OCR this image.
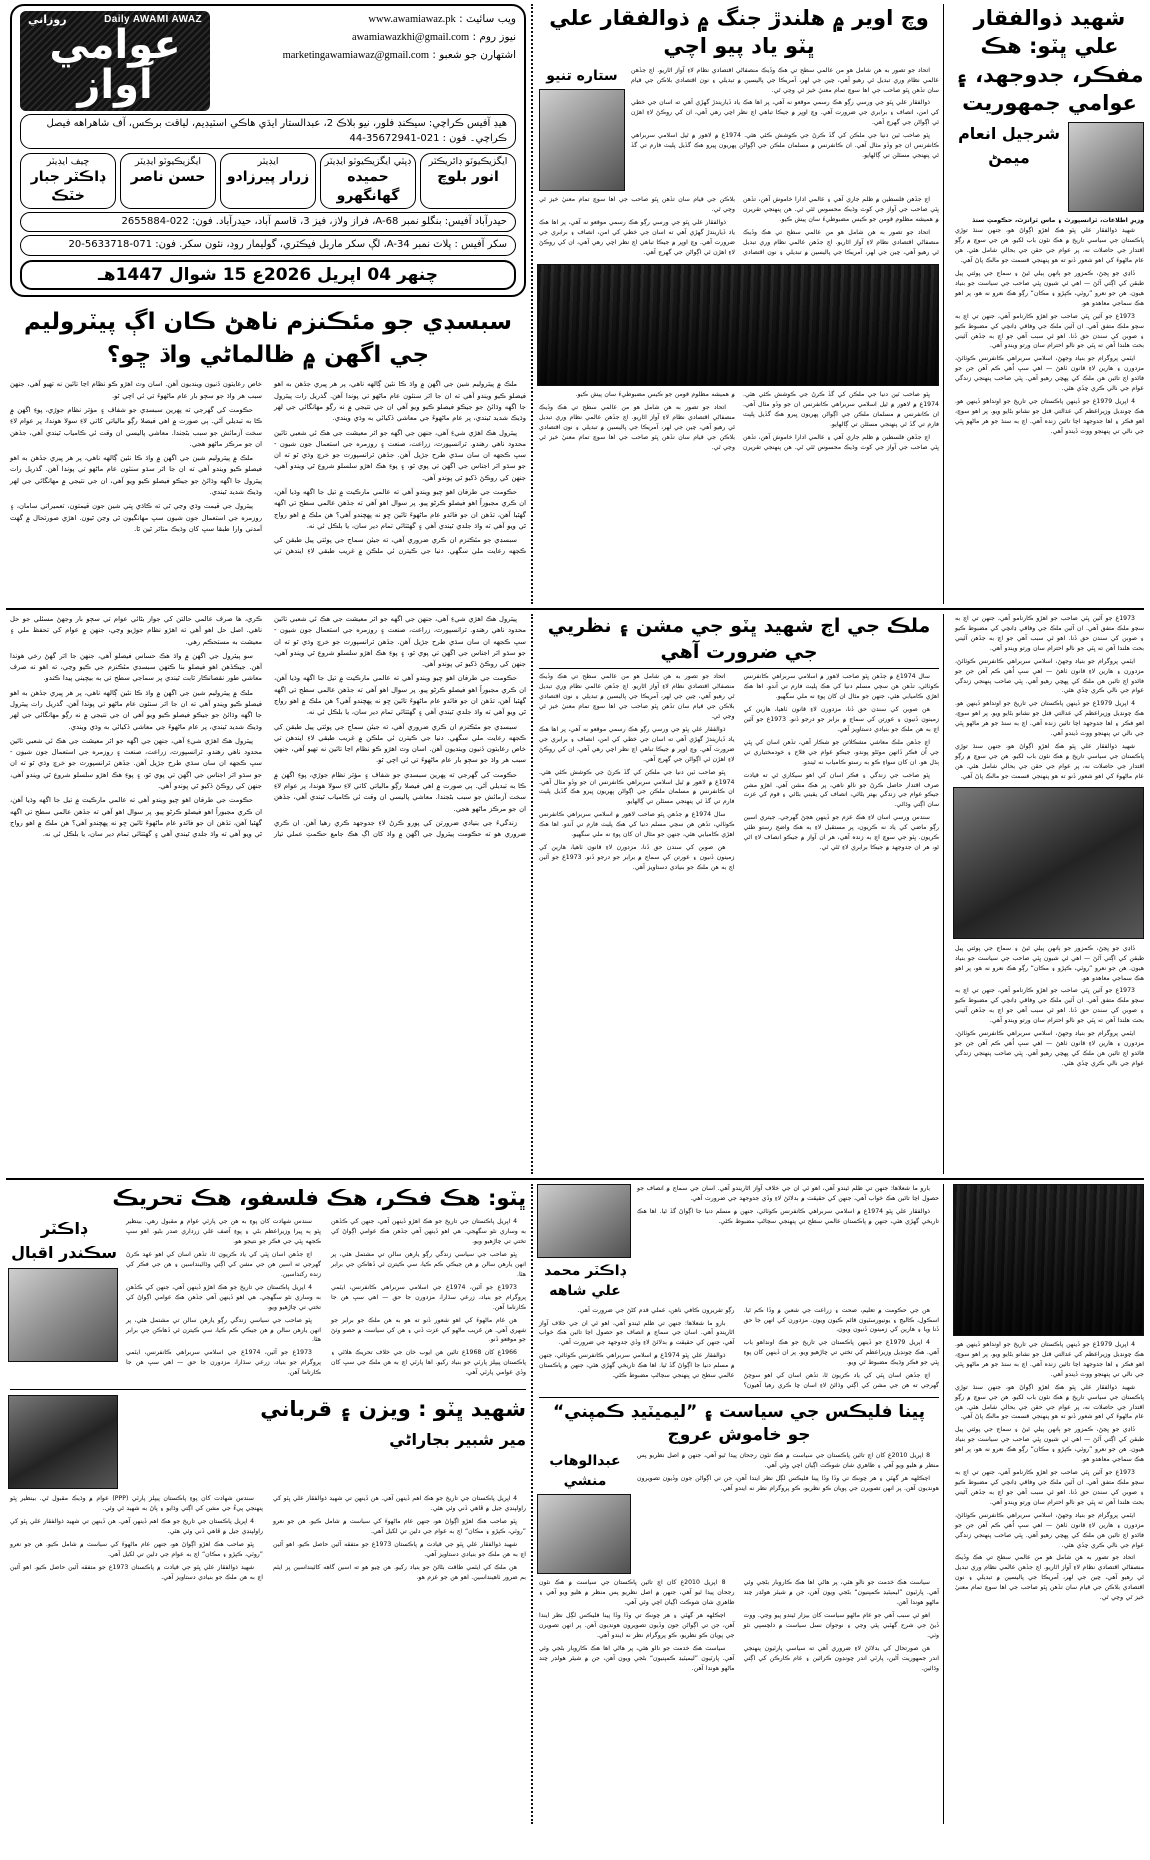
شهيد ذوالفقار علي ڀٽو: هڪ مفڪر، جدوجهد، ۽ عوامي جمهوريت
شرجيل انعام ميمڻ
وزيرِ اطلاعات، ٽرانسپورٽ ۽ ماس ٽرانزٽ، حڪومتِ سنڌ

شهيد ذوالفقار علي ڀٽو هڪ اهڙو اڳواڻ هو، جنهن سنڌ توڙي پاڪستان جي سياسي تاريخ ۾ هڪ نئون باب لکيو. هن جي سوچ ۾ رڳو اقتدار جي حاصلات نه، پر عوام جي حقن جي بحالي شامل هئي. هن عام ماڻهوءَ کي اهو شعور ڏنو ته هو پنهنجي قسمت جو مالڪ پاڻ آهي.

ڏاڍي جو ڀڃڻ، ڪمزور جو ٻانهن ٻيلي ٿيڻ ۽ سماج جي پوئتي پيل طبقن کي اڳتي آڻڻ — اهي ئي شيون ڀٽي صاحب جي سياست جو بنياد هيون. هن جو نعرو ”روٽي، ڪپڙو ۽ مڪان“ رڳو هڪ نعرو نه هو، پر اهو هڪ سماجي معاهدو هو.

1973ع جو آئين ڀٽي صاحب جو اهڙو ڪارنامو آهي، جنهن تي اڄ به سڄو ملڪ متفق آهي. ان آئين ملڪ جي وفاقي ڍانچي کي مضبوط ڪيو ۽ صوبن کي سندن حق ڏنا. اهو ئي سبب آهي جو اڄ به جڏهن آئيني بحث هلندا آهن ته ڀٽي جو نالو احترام سان ورتو ويندو آهي.

ايٽمي پروگرام جو بنياد وجهڻ، اسلامي سربراهي ڪانفرنس ڪوٺائڻ، مزدورن ۽ هارين لاءِ قانون ٺاهڻ — اهي سڀ اُهي ڪم آهن جن جو فائدو اڄ تائين هن ملڪ کي پهچي رهيو آهي. ڀٽي صاحب پنهنجي زندگي عوام جي نالي ڪري ڇڏي هئي.

4 اپريل 1979ع جو ڏينهن پاڪستان جي تاريخ جو اونداهو ڏينهن هو. هڪ چونڊيل وزيراعظم کي عدالتي قتل جو نشانو بڻايو ويو. پر اهو سوچ، اهو فڪر ۽ اها جدوجهد اڃا تائين زنده آهي. اڄ به سنڌ جو هر ماڻهو ڀٽي جي نالي تي پنهنجو ووٽ ڏيندو آهي.

وچ اوير ۾ هلندڙ جنگ ۾ ذوالفقار علي ڀٽو ياد پيو اچي

اتحاد جو تصور به هن شامل هو من عالمي سطح تي هڪ وڏيڪ منصفاڻي اقتصادي نظام لاءِ آواز اٿاريو. اڄ جڏهن عالمي نظام وري تبديل ٿي رهيو آهي، چين جي لهر، آمريڪا جي پاليسين ۾ تبديلي ۽ نون اقتصادي بلاڪن جي قيام سان تڏهن ڀٽو صاحب جي اها سوچ تمام معنيٰ خيز ٿي وڃي ٿي.

ذوالفقار علي ڀٽو جي ورسي رڳو هڪ رسمي موقعو نه آهي، پر اها هڪ ياد ڏياريندڙ گهڙي آهي ته اسان جي خطي کي امن، انصاف ۽ برابري جي ضرورت آهي. وچ اوڀر ۾ جيڪا تباهي اڄ نظر اچي رهي آهي، ان کي روڪڻ لاءِ اهڙن ئي اڳواڻن جي گهرج آهي.

ڀٽو صاحب ٽين دنيا جي ملڪن کي گڏ ڪرڻ جي ڪوشش ڪئي هئي. 1974ع ۾ لاهور ۾ ٿيل اسلامي سربراهي ڪانفرنس ان جو وڏو مثال آهي. ان ڪانفرنس ۾ مسلمان ملڪن جي اڳواڻن پهريون ڀيرو هڪ گڏيل پليٽ فارم تي گڏ ٿي پنهنجي مسئلن تي ڳالهايو.

ستاره تنيو

اڄ جڏهن فلسطين ۾ ظلم جاري آهي ۽ عالمي ادارا خاموش آهن، تڏهن ڀٽي صاحب جي آواز جي کوٽ وڌيڪ محسوس ٿئي ٿي. هن پنهنجي تقريرن ۾ هميشه مظلوم قومن جو ڪيس مضبوطيءَ سان پيش ڪيو.

اتحاد جو تصور به هن شامل هو من عالمي سطح تي هڪ وڏيڪ منصفاڻي اقتصادي نظام لاءِ آواز اٿاريو. اڄ جڏهن عالمي نظام وري تبديل ٿي رهيو آهي، چين جي لهر، آمريڪا جي پاليسين ۾ تبديلي ۽ نون اقتصادي بلاڪن جي قيام سان تڏهن ڀٽو صاحب جي اها سوچ تمام معنيٰ خيز ٿي وڃي ٿي.

ذوالفقار علي ڀٽو جي ورسي رڳو هڪ رسمي موقعو نه آهي، پر اها هڪ ياد ڏياريندڙ گهڙي آهي ته اسان جي خطي کي امن، انصاف ۽ برابري جي ضرورت آهي. وچ اوڀر ۾ جيڪا تباهي اڄ نظر اچي رهي آهي، ان کي روڪڻ لاءِ اهڙن ئي اڳواڻن جي گهرج آهي.

ڀٽو صاحب ٽين دنيا جي ملڪن کي گڏ ڪرڻ جي ڪوشش ڪئي هئي. 1974ع ۾ لاهور ۾ ٿيل اسلامي سربراهي ڪانفرنس ان جو وڏو مثال آهي. ان ڪانفرنس ۾ مسلمان ملڪن جي اڳواڻن پهريون ڀيرو هڪ گڏيل پليٽ فارم تي گڏ ٿي پنهنجي مسئلن تي ڳالهايو.

اڄ جڏهن فلسطين ۾ ظلم جاري آهي ۽ عالمي ادارا خاموش آهن، تڏهن ڀٽي صاحب جي آواز جي کوٽ وڌيڪ محسوس ٿئي ٿي. هن پنهنجي تقريرن ۾ هميشه مظلوم قومن جو ڪيس مضبوطيءَ سان پيش ڪيو.

اتحاد جو تصور به هن شامل هو من عالمي سطح تي هڪ وڏيڪ منصفاڻي اقتصادي نظام لاءِ آواز اٿاريو. اڄ جڏهن عالمي نظام وري تبديل ٿي رهيو آهي، چين جي لهر، آمريڪا جي پاليسين ۾ تبديلي ۽ نون اقتصادي بلاڪن جي قيام سان تڏهن ڀٽو صاحب جي اها سوچ تمام معنيٰ خيز ٿي وڃي ٿي.

ويب سائيٽ : www.awamiawaz.pk
نيوز روم : awamiawazkhi@gmail.com
اشتهارن جو شعبو : marketingawamiawaz@gmail.com
Daily AWAMI AWAZ
روزاني
عوامي آواز
هيڊ آفيس ڪراچي: سيڪنڊ فلور، نيو بلاڪ 2، عبدالستار ايڌي هاڪي اسٽيڊيم، لياقت برڪس، آف شاهراهه فيصل ڪراچي۔ فون : 021-35672941-44
ايگزيڪيوٽو ڊائريڪٽر
انور بلوچ
ڊپٽي ايگزيڪيوٽو ايڊيٽر
حميده گهانگهرو
ايڊيٽر
زرار پيرزادو
ايگزيڪيوٽو ايڊيٽر
حسن ناصر
چيف ايڊيٽر
ڊاڪٽر جبار خٽڪ
حيدرآباد آفيس: بنگلو نمبر A-68، فراز ولاز، فيز 3، قاسم آباد، حيدرآباد. فون: 022-2655884
سکر آفيس : پلاٽ نمبر A-34، لڳ سکر ماربل فيڪٽري، گوليمار روڊ، نئون سکر. فون: 071-5633718-20
چنھر 04 اپريل 2026ع 15 شوال 1447هـ
سبسڊي جو مئڪنزم ناهڻ ڪان اڳ پيٽروليم جي اگهن ۾ ظالماڻي واڌ ڇو؟

ملڪ ۾ پيٽروليم شين جي اگهن ۾ واڌ ڪا نئين ڳالهه ناهي، پر هر ڀيري جڏهن به اهو فيصلو ڪيو ويندو آهي ته ان جا اثر سنئون عام ماڻهو تي پوندا آهن. گذريل رات پيٽرول جا اگهه وڌائڻ جو جيڪو فيصلو ڪيو ويو آهي ان جي نتيجي ۾ نه رڳو مهانگائي جي لهر وڌيڪ شديد ٿيندي، پر عام ماڻهوءَ جي معاشي ڏکيائي به وڌي ويندي.

پيٽرول هڪ اهڙي شيءِ آهي، جنهن جي اگهه جو اثر معيشت جي هڪ ئي شعبي تائين محدود ناهي رهندو. ٽرانسپورٽ، زراعت، صنعت ۽ روزمره جي استعمال جون شيون - سڀ ڪجهه ان سان سڌي طرح جڙيل آهن. جڏهن ٽرانسپورٽ جو خرچ وڌي ٿو ته ان جو سڌو اثر اجناس جي اگهن تي پوي ٿو، ۽ پوءِ هڪ اهڙو سلسلو شروع ٿي ويندو آهي، جنهن کي روڪڻ ڏکيو ٿي پوندو آهي.

حڪومت جي طرفان اهو چيو ويندو آهي ته عالمي مارڪيٽ ۾ تيل جا اگهه وڌيا آهن، ان ڪري مجبوراً اهو فيصلو ڪرڻو پيو. پر سوال اهو آهي ته جڏهن عالمي سطح تي اگهه گهٽبا آهن، تڏهن ان جو فائدو عام ماڻهوءَ تائين ڇو نه پهچندو آهي؟ هن ملڪ ۾ اهو رواج ٿي ويو آهي ته واڌ جلدي ٿيندي آهي ۽ گهٽتائي تمام دير سان، يا بلڪل ئي نه.

سبسڊي جو مئڪنزم ان ڪري ضروري آهي، ته جيئن سماج جي پوئتي پيل طبقن کي ڪجهه رعايت ملي سگهي. دنيا جي ڪيترن ئي ملڪن ۾ غريب طبقي لاءِ ايندھن تي خاص رعايتون ڏنيون وينديون آهن. اسان وٽ اهڙو ڪو نظام اڃا تائين نه ٺهيو آهي، جنهن سبب هر واڌ جو سڄو بار عام ماڻهوءَ تي ئي اچي ٿو.

حڪومت کي گهرجي ته پهرين سبسڊي جو شفاف ۽ مؤثر نظام جوڙي، پوءِ اگهن ۾ ڪا به تبديلي آڻي. ٻي صورت ۾ اهي فيصلا رڳو مالياتي کاتي لاءِ سولا هوندا، پر عوام لاءِ سخت آزمائش جو سبب بڻجندا. معاشي پاليسي ان وقت ئي ڪامياب ٿيندي آهي، جڏهن ان جو مرڪز ماڻهو هجي.

ملڪ ۾ پيٽروليم شين جي اگهن ۾ واڌ ڪا نئين ڳالهه ناهي، پر هر ڀيري جڏهن به اهو فيصلو ڪيو ويندو آهي ته ان جا اثر سڌو سنئون عام ماڻهو تي پوندا آهن. گذريل رات پيٽرول جا اگهه وڌائڻ جو جيڪو فيصلو ڪيو ويو آهي، ان جي نتيجي ۾ مهانگائي جي لهر وڌيڪ شديد ٿيندي.

پيٽرول جي قيمت وڌي وڃي ٿي ته ڪاڌي ڀتي شين جون قيمتون، تعميراتي سامان، ۽ روزمره جي استعمال جون شيون سڀ مهانگيون ٿي وڃن ٿيون. اهڙي صورتحال ۾ گهٽ آمدني وارا طبقا سڀ کان وڌيڪ متاثر ٿين ٿا.

1973ع جو آئين ڀٽي صاحب جو اهڙو ڪارنامو آهي، جنهن تي اڄ به سڄو ملڪ متفق آهي. ان آئين ملڪ جي وفاقي ڍانچي کي مضبوط ڪيو ۽ صوبن کي سندن حق ڏنا. اهو ئي سبب آهي جو اڄ به جڏهن آئيني بحث هلندا آهن ته ڀٽي جو نالو احترام سان ورتو ويندو آهي.

ايٽمي پروگرام جو بنياد وجهڻ، اسلامي سربراهي ڪانفرنس ڪوٺائڻ، مزدورن ۽ هارين لاءِ قانون ٺاهڻ — اهي سڀ اُهي ڪم آهن جن جو فائدو اڄ تائين هن ملڪ کي پهچي رهيو آهي. ڀٽي صاحب پنهنجي زندگي عوام جي نالي ڪري ڇڏي هئي.

4 اپريل 1979ع جو ڏينهن پاڪستان جي تاريخ جو اونداهو ڏينهن هو. هڪ چونڊيل وزيراعظم کي عدالتي قتل جو نشانو بڻايو ويو. پر اهو سوچ، اهو فڪر ۽ اها جدوجهد اڃا تائين زنده آهي. اڄ به سنڌ جو هر ماڻهو ڀٽي جي نالي تي پنهنجو ووٽ ڏيندو آهي.

شهيد ذوالفقار علي ڀٽو هڪ اهڙو اڳواڻ هو، جنهن سنڌ توڙي پاڪستان جي سياسي تاريخ ۾ هڪ نئون باب لکيو. هن جي سوچ ۾ رڳو اقتدار جي حاصلات نه، پر عوام جي حقن جي بحالي شامل هئي. هن عام ماڻهوءَ کي اهو شعور ڏنو ته هو پنهنجي قسمت جو مالڪ پاڻ آهي.

ڏاڍي جو ڀڃڻ، ڪمزور جو ٻانهن ٻيلي ٿيڻ ۽ سماج جي پوئتي پيل طبقن کي اڳتي آڻڻ — اهي ئي شيون ڀٽي صاحب جي سياست جو بنياد هيون. هن جو نعرو ”روٽي، ڪپڙو ۽ مڪان“ رڳو هڪ نعرو نه هو، پر اهو هڪ سماجي معاهدو هو.

1973ع جو آئين ڀٽي صاحب جو اهڙو ڪارنامو آهي، جنهن تي اڄ به سڄو ملڪ متفق آهي. ان آئين ملڪ جي وفاقي ڍانچي کي مضبوط ڪيو ۽ صوبن کي سندن حق ڏنا. اهو ئي سبب آهي جو اڄ به جڏهن آئيني بحث هلندا آهن ته ڀٽي جو نالو احترام سان ورتو ويندو آهي.

ايٽمي پروگرام جو بنياد وجهڻ، اسلامي سربراهي ڪانفرنس ڪوٺائڻ، مزدورن ۽ هارين لاءِ قانون ٺاهڻ — اهي سڀ اُهي ڪم آهن جن جو فائدو اڄ تائين هن ملڪ کي پهچي رهيو آهي. ڀٽي صاحب پنهنجي زندگي عوام جي نالي ڪري ڇڏي هئي.

ملڪ جي اڄ شهيد ڀٽو جي مشن ۽ نظريي جي ضرورت آهي

سال 1974ع ۾ جڏهن ڀٽو صاحب لاهور ۾ اسلامي سربراهي ڪانفرنس ڪوٺائي، تڏهن هن سڄي مسلم دنيا کي هڪ پليٽ فارم تي آندو. اها هڪ اهڙي ڪاميابي هئي، جنهن جو مثال ان کان پوءِ نه ملي سگهيو.

هن صوبن کي سندن حق ڏنا، مزدورن لاءِ قانون ٺاهيا، هارين کي زمينون ڏنيون ۽ عورتن کي سماج ۾ برابر جو درجو ڏنو. 1973ع جو آئين اڄ به هن ملڪ جو بنيادي دستاويز آهي.

اڄ جڏهن ملڪ معاشي مشڪلاتن جو شڪار آهي، تڏهن اسان کي ڀٽي جي اُن فڪر ڏانهن موٽڻو پوندو، جيڪو عوام جي فلاح ۽ خودمختياري تي ٻڌل هو. ان کان سواءِ ڪو به رستو ڪامياب نه ٿيندو.

ڀٽو صاحب جي زندگي ۽ فڪر اسان کي اهو سيکاري ٿي ته قيادت صرف اقتدار حاصل ڪرڻ جو نالو ناهي، پر هڪ مشن آهي. اهڙو مشن جيڪو عوام جي زندگي بهتر بڻائي، انصاف کي يقيني بڻائي ۽ قوم کي عزت سان اڳتي وڌائي.

سندس ورسي اسان لاءِ هڪ عزم جو ڏينهن هجڻ گهرجي. جيتري اسين رڳو ماضي کي ياد نه ڪريون، پر مستقبل لاءِ به هڪ واضح رستو طئي ڪريون. ڀٽو جي سوچ اڄ به زنده آهي، هر ان آواز ۾ جيڪو انصاف لاءِ اٿي ٿو، هر ان جدوجهد ۾ جيڪا برابري لاءِ ٿئي ٿي.

اتحاد جو تصور به هن شامل هو من عالمي سطح تي هڪ وڏيڪ منصفاڻي اقتصادي نظام لاءِ آواز اٿاريو. اڄ جڏهن عالمي نظام وري تبديل ٿي رهيو آهي، چين جي لهر، آمريڪا جي پاليسين ۾ تبديلي ۽ نون اقتصادي بلاڪن جي قيام سان تڏهن ڀٽو صاحب جي اها سوچ تمام معنيٰ خيز ٿي وڃي ٿي.

ذوالفقار علي ڀٽو جي ورسي رڳو هڪ رسمي موقعو نه آهي، پر اها هڪ ياد ڏياريندڙ گهڙي آهي ته اسان جي خطي کي امن، انصاف ۽ برابري جي ضرورت آهي. وچ اوڀر ۾ جيڪا تباهي اڄ نظر اچي رهي آهي، ان کي روڪڻ لاءِ اهڙن ئي اڳواڻن جي گهرج آهي.

ڀٽو صاحب ٽين دنيا جي ملڪن کي گڏ ڪرڻ جي ڪوشش ڪئي هئي. 1974ع ۾ لاهور ۾ ٿيل اسلامي سربراهي ڪانفرنس ان جو وڏو مثال آهي. ان ڪانفرنس ۾ مسلمان ملڪن جي اڳواڻن پهريون ڀيرو هڪ گڏيل پليٽ فارم تي گڏ ٿي پنهنجي مسئلن تي ڳالهايو.

سال 1974ع ۾ جڏهن ڀٽو صاحب لاهور ۾ اسلامي سربراهي ڪانفرنس ڪوٺائي، تڏهن هن سڄي مسلم دنيا کي هڪ پليٽ فارم تي آندو. اها هڪ اهڙي ڪاميابي هئي، جنهن جو مثال ان کان پوءِ نه ملي سگهيو.

هن صوبن کي سندن حق ڏنا، مزدورن لاءِ قانون ٺاهيا، هارين کي زمينون ڏنيون ۽ عورتن کي سماج ۾ برابر جو درجو ڏنو. 1973ع جو آئين اڄ به هن ملڪ جو بنيادي دستاويز آهي.

پيٽرول هڪ اهڙي شيءِ آهي، جنهن جي اگهه جو اثر معيشت جي هڪ ئي شعبي تائين محدود ناهي رهندو. ٽرانسپورٽ، زراعت، صنعت ۽ روزمره جي استعمال جون شيون - سڀ ڪجهه ان سان سڌي طرح جڙيل آهن. جڏهن ٽرانسپورٽ جو خرچ وڌي ٿو ته ان جو سڌو اثر اجناس جي اگهن تي پوي ٿو، ۽ پوءِ هڪ اهڙو سلسلو شروع ٿي ويندو آهي، جنهن کي روڪڻ ڏکيو ٿي پوندو آهي.

حڪومت جي طرفان اهو چيو ويندو آهي ته عالمي مارڪيٽ ۾ تيل جا اگهه وڌيا آهن، ان ڪري مجبوراً اهو فيصلو ڪرڻو پيو. پر سوال اهو آهي ته جڏهن عالمي سطح تي اگهه گهٽبا آهن، تڏهن ان جو فائدو عام ماڻهوءَ تائين ڇو نه پهچندو آهي؟ هن ملڪ ۾ اهو رواج ٿي ويو آهي ته واڌ جلدي ٿيندي آهي ۽ گهٽتائي تمام دير سان، يا بلڪل ئي نه.

سبسڊي جو مئڪنزم ان ڪري ضروري آهي، ته جيئن سماج جي پوئتي پيل طبقن کي ڪجهه رعايت ملي سگهي. دنيا جي ڪيترن ئي ملڪن ۾ غريب طبقي لاءِ ايندھن تي خاص رعايتون ڏنيون وينديون آهن. اسان وٽ اهڙو ڪو نظام اڃا تائين نه ٺهيو آهي، جنهن سبب هر واڌ جو سڄو بار عام ماڻهوءَ تي ئي اچي ٿو.

حڪومت کي گهرجي ته پهرين سبسڊي جو شفاف ۽ مؤثر نظام جوڙي، پوءِ اگهن ۾ ڪا به تبديلي آڻي. ٻي صورت ۾ اهي فيصلا رڳو مالياتي کاتي لاءِ سولا هوندا، پر عوام لاءِ سخت آزمائش جو سبب بڻجندا. معاشي پاليسي ان وقت ئي ڪامياب ٿيندي آهي، جڏهن ان جو مرڪز ماڻهو هجي.

زندگيءَ جي بنيادي ضرورتن کي پورو ڪرڻ لاءِ جدوجهد ڪري رهيا آهن. ان ڪري ضروري هو ته حڪومت پيٽرول جي اگهن ۾ واڌ کان اڳ هڪ جامع حڪمتِ عملي تيار ڪري، ها صرف عالمي حالتن کي جواز بڻائي عوام تي سڄو بار وجهڻ مسئلي جو حل ناهي. اصل حل اهو آهي ته اهڙو نظام جوڙيو وڃي، جنهن ۾ عوام کي تحفظ ملي ۽ معيشت به مستحڪم رهي.

سو پيٽرول جي اگهن ۾ واڌ هڪ حساس فيصلو آهي، جنهن جا اثر گهڻ رخي هوندا آهن. جيڪڏهن اهو فيصلو بنا ڪنهن سبسڊي مئڪنزم جي ڪيو وڃي، ته اهو نه صرف معاشي طور نقصانڪار ثابت ٿيندي پر سماجي سطح تي به بيچيني پيدا ڪندو.

ملڪ ۾ پيٽروليم شين جي اگهن ۾ واڌ ڪا نئين ڳالهه ناهي، پر هر ڀيري جڏهن به اهو فيصلو ڪيو ويندو آهي ته ان جا اثر سنئون عام ماڻهو تي پوندا آهن. گذريل رات پيٽرول جا اگهه وڌائڻ جو جيڪو فيصلو ڪيو ويو آهي ان جي نتيجي ۾ نه رڳو مهانگائي جي لهر وڌيڪ شديد ٿيندي، پر عام ماڻهوءَ جي معاشي ڏکيائي به وڌي ويندي.

پيٽرول هڪ اهڙي شيءِ آهي، جنهن جي اگهه جو اثر معيشت جي هڪ ئي شعبي تائين محدود ناهي رهندو. ٽرانسپورٽ، زراعت، صنعت ۽ روزمره جي استعمال جون شيون - سڀ ڪجهه ان سان سڌي طرح جڙيل آهن. جڏهن ٽرانسپورٽ جو خرچ وڌي ٿو ته ان جو سڌو اثر اجناس جي اگهن تي پوي ٿو، ۽ پوءِ هڪ اهڙو سلسلو شروع ٿي ويندو آهي، جنهن کي روڪڻ ڏکيو ٿي پوندو آهي.

حڪومت جي طرفان اهو چيو ويندو آهي ته عالمي مارڪيٽ ۾ تيل جا اگهه وڌيا آهن، ان ڪري مجبوراً اهو فيصلو ڪرڻو پيو. پر سوال اهو آهي ته جڏهن عالمي سطح تي اگهه گهٽبا آهن، تڏهن ان جو فائدو عام ماڻهوءَ تائين ڇو نه پهچندو آهي؟ هن ملڪ ۾ اهو رواج ٿي ويو آهي ته واڌ جلدي ٿيندي آهي ۽ گهٽتائي تمام دير سان، يا بلڪل ئي نه.

4 اپريل 1979ع جو ڏينهن پاڪستان جي تاريخ جو اونداهو ڏينهن هو. هڪ چونڊيل وزيراعظم کي عدالتي قتل جو نشانو بڻايو ويو. پر اهو سوچ، اهو فڪر ۽ اها جدوجهد اڃا تائين زنده آهي. اڄ به سنڌ جو هر ماڻهو ڀٽي جي نالي تي پنهنجو ووٽ ڏيندو آهي.

شهيد ذوالفقار علي ڀٽو هڪ اهڙو اڳواڻ هو، جنهن سنڌ توڙي پاڪستان جي سياسي تاريخ ۾ هڪ نئون باب لکيو. هن جي سوچ ۾ رڳو اقتدار جي حاصلات نه، پر عوام جي حقن جي بحالي شامل هئي. هن عام ماڻهوءَ کي اهو شعور ڏنو ته هو پنهنجي قسمت جو مالڪ پاڻ آهي.

ڏاڍي جو ڀڃڻ، ڪمزور جو ٻانهن ٻيلي ٿيڻ ۽ سماج جي پوئتي پيل طبقن کي اڳتي آڻڻ — اهي ئي شيون ڀٽي صاحب جي سياست جو بنياد هيون. هن جو نعرو ”روٽي، ڪپڙو ۽ مڪان“ رڳو هڪ نعرو نه هو، پر اهو هڪ سماجي معاهدو هو.

1973ع جو آئين ڀٽي صاحب جو اهڙو ڪارنامو آهي، جنهن تي اڄ به سڄو ملڪ متفق آهي. ان آئين ملڪ جي وفاقي ڍانچي کي مضبوط ڪيو ۽ صوبن کي سندن حق ڏنا. اهو ئي سبب آهي جو اڄ به جڏهن آئيني بحث هلندا آهن ته ڀٽي جو نالو احترام سان ورتو ويندو آهي.

ايٽمي پروگرام جو بنياد وجهڻ، اسلامي سربراهي ڪانفرنس ڪوٺائڻ، مزدورن ۽ هارين لاءِ قانون ٺاهڻ — اهي سڀ اُهي ڪم آهن جن جو فائدو اڄ تائين هن ملڪ کي پهچي رهيو آهي. ڀٽي صاحب پنهنجي زندگي عوام جي نالي ڪري ڇڏي هئي.

اتحاد جو تصور به هن شامل هو من عالمي سطح تي هڪ وڏيڪ منصفاڻي اقتصادي نظام لاءِ آواز اٿاريو. اڄ جڏهن عالمي نظام وري تبديل ٿي رهيو آهي، چين جي لهر، آمريڪا جي پاليسين ۾ تبديلي ۽ نون اقتصادي بلاڪن جي قيام سان تڏهن ڀٽو صاحب جي اها سوچ تمام معنيٰ خيز ٿي وڃي ٿي.

بارو ما شعلاها: جنهن تي ظلم ٿيندو آهي، اهو ئي ان جي خلاف آواز اٿاريندو آهي. اسان جي سماج ۾ انصاف جو حصول اڃا تائين هڪ خواب آهي، جنهن کي حقيقت ۾ بدلائڻ لاءِ وڏي جدوجهد جي ضرورت آهي.

ذوالفقار علي ڀٽو 1974ع ۾ اسلامي سربراهي ڪانفرنس ڪوٺائي، جنهن ۾ مسلم دنيا جا اڳواڻ گڏ ٿيا. اها هڪ تاريخي گهڙي هئي، جنهن ۾ پاڪستان عالمي سطح تي پنهنجي سڃاڻپ مضبوط ڪئي.

ڊاڪٽر محمد علي شاهه

هن جي حڪومت ۾ تعليم، صحت ۽ زراعت جي شعبن ۾ وڏا ڪم ٿيا. اسڪول، ڪاليج ۽ يونيورسٽيون قائم ڪيون ويون. مزدورن کي انهن جا حق ڏنا ويا ۽ هارين کي زمينون ڏنيون ويون.

4 اپريل 1979ع جو ڏينهن پاڪستان جي تاريخ جو هڪ اونداهو باب آهي. هڪ چونڊيل وزيراعظم کي تختي تي چاڙهيو ويو. پر ان ڏينهن کان پوءِ ڀٽي جو فڪر وڌيڪ مضبوط ٿي ويو.

اڄ جڏهن اسان ڀٽي کي ياد ڪريون ٿا، تڏهن اسان کي اهو سوچڻ گهرجي ته هن جي مشن کي اڳتي وڌائڻ لاءِ اسان ڇا ڪري رهيا آهيون؟ رڳو تقريرون ڪافي ناهن، عملي قدم کڻڻ جي ضرورت آهي.

بارو ما شعلاها: جنهن تي ظلم ٿيندو آهي، اهو ئي ان جي خلاف آواز اٿاريندو آهي. اسان جي سماج ۾ انصاف جو حصول اڃا تائين هڪ خواب آهي، جنهن کي حقيقت ۾ بدلائڻ لاءِ وڏي جدوجهد جي ضرورت آهي.

ذوالفقار علي ڀٽو 1974ع ۾ اسلامي سربراهي ڪانفرنس ڪوٺائي، جنهن ۾ مسلم دنيا جا اڳواڻ گڏ ٿيا. اها هڪ تاريخي گهڙي هئي، جنهن ۾ پاڪستان عالمي سطح تي پنهنجي سڃاڻپ مضبوط ڪئي.

پينا فليڪس جي سياست ۽ ”ليميٽيڊ ڪمپني“ جو خاموش عروج

8 اپريل 2010ع کان اڄ تائين پاڪستان جي سياست ۾ هڪ نئون رجحان پيدا ٿيو آهي، جنهن ۾ اصل نظريو پس منظر ۾ هليو ويو آهي ۽ ظاهري شان شوڪت اڳيان اچي وئي آهي.

اڄڪلهه هر گهٽي ۽ هر چونڪ تي وڏا وڏا پينا فليڪس لڳل نظر ايندا آهن، جن تي اڳواڻن جون وڏيون تصويرون هونديون آهن. پر انهن تصويرن جي پويان ڪو نظريو، ڪو پروگرام نظر نه ايندو آهي.

عبدالوهاب منشي

سياست هڪ خدمت جو نالو هئي، پر هاڻي اها هڪ ڪاروبار بڻجي وئي آهي. پارٽيون ”ليميٽيڊ ڪمپنيون“ بڻجي ويون آهن، جن ۾ شيئر هولڊر چند ماڻهو هوندا آهن.

اهو ئي سبب آهي جو عام ماڻهو سياست کان بيزار ٿيندو پيو وڃي. ووٽ ڏيڻ جي شرح گهٽبي پئي وڃي ۽ نوجوان نسل سياست ۾ دلچسپي نٿو وٺي.

هن صورتحال کي بدلائڻ لاءِ ضروري آهي ته سياسي پارٽيون پنهنجي اندر جمهوريت آڻين، پارٽي اندر چونڊون ڪرائين ۽ عام ڪارڪن کي اڳتي وڌائين.

8 اپريل 2010ع کان اڄ تائين پاڪستان جي سياست ۾ هڪ نئون رجحان پيدا ٿيو آهي، جنهن ۾ اصل نظريو پس منظر ۾ هليو ويو آهي ۽ ظاهري شان شوڪت اڳيان اچي وئي آهي.

اڄڪلهه هر گهٽي ۽ هر چونڪ تي وڏا وڏا پينا فليڪس لڳل نظر ايندا آهن، جن تي اڳواڻن جون وڏيون تصويرون هونديون آهن. پر انهن تصويرن جي پويان ڪو نظريو، ڪو پروگرام نظر نه ايندو آهي.

سياست هڪ خدمت جو نالو هئي، پر هاڻي اها هڪ ڪاروبار بڻجي وئي آهي. پارٽيون ”ليميٽيڊ ڪمپنيون“ بڻجي ويون آهن، جن ۾ شيئر هولڊر چند ماڻهو هوندا آهن.

ڀٽو: هڪ فڪر، هڪ فلسفو، هڪ تحريڪ

4 اپريل پاڪستان جي تاريخ جو هڪ اهڙو ڏينهن آهي، جنهن کي ڪڏهن به وساري نٿو سگهجي. هي اهو ڏينهن آهي جڏهن هڪ عوامي اڳواڻ کي تختي تي چاڙهيو ويو.

ڀٽو صاحب جي سياسي زندگي رڳو يارهن سالن تي مشتمل هئي، پر انهن يارهن سالن ۾ هن جيڪي ڪم ڪيا، سي ڪيترن ئي ڏهاڪن جي برابر هئا.

1973ع جو آئين، 1974ع جي اسلامي سربراهي ڪانفرنس، ايٽمي پروگرام جو بنياد، زرعي سڌارا، مزدورن جا حق — اهي سڀ هن جا ڪارناما آهن.

هن عام ماڻهوءَ کي اهو شعور ڏنو ته هو به هن ملڪ جو برابر جو شهري آهي. هن غريب ماڻهو کي عزت ڏني ۽ هن کي سياست ۾ حصو وٺڻ جو موقعو ڏنو.

1966ع کان 1968ع تائين هن ايوب خان جي خلاف تحريڪ هلائي ۽ پاڪستان پيپلز پارٽي جو بنياد رکيو. اها پارٽي اڄ به هن ملڪ جي سڀ کان وڏي عوامي پارٽي آهي.

سندس شهادت کان پوءِ به هن جي پارٽي عوام ۾ مقبول رهي. بينظير ڀٽو ٻه ڀيرا وزيراعظم بڻي ۽ پوءِ آصف علي زرداري صدر بڻيو. اهو سڀ ڪجهه ڀٽي جي فڪر جو نتيجو هو.

اڄ جڏهن اسان ڀٽي کي ياد ڪريون ٿا، تڏهن اسان کي اهو عهد ڪرڻ گهرجي ته اسين هن جي مشن کي اڳتي وڌائينداسين ۽ هن جي فڪر کي زنده رکنداسين.

4 اپريل پاڪستان جي تاريخ جو هڪ اهڙو ڏينهن آهي، جنهن کي ڪڏهن به وساري نٿو سگهجي. هي اهو ڏينهن آهي جڏهن هڪ عوامي اڳواڻ کي تختي تي چاڙهيو ويو.

ڀٽو صاحب جي سياسي زندگي رڳو يارهن سالن تي مشتمل هئي، پر انهن يارهن سالن ۾ هن جيڪي ڪم ڪيا، سي ڪيترن ئي ڏهاڪن جي برابر هئا.

1973ع جو آئين، 1974ع جي اسلامي سربراهي ڪانفرنس، ايٽمي پروگرام جو بنياد، زرعي سڌارا، مزدورن جا حق — اهي سڀ هن جا ڪارناما آهن.

ڊاڪٽر سڪندر اقبال
شهيد ڀٽو : ويزن ۽ قرباني
مير شبير بجاراڻي

4 اپريل پاڪستان جي تاريخ جو هڪ اهم ڏينهن آهي. هن ڏينهن تي شهيد ذوالفقار علي ڀٽو کي راولپنڊي جيل ۾ ڦاهي ڏني وئي هئي.

ڀٽو صاحب هڪ اهڙو اڳواڻ هو، جنهن عام ماڻهوءَ کي سياست ۾ شامل ڪيو. هن جو نعرو ”روٽي، ڪپڙو ۽ مڪان“ اڄ به عوام جي دلين تي لکيل آهي.

شهيد ذوالفقار علي ڀٽو جي قيادت ۾ پاڪستان 1973ع جو متفقه آئين حاصل ڪيو. اهو آئين اڄ به هن ملڪ جو بنيادي دستاويز آهي.

هن ملڪ کي ايٽمي طاقت بڻائڻ جو بنياد رکيو. هن چيو هو ته اسين گاهه کائينداسين پر ايٽم بم ضرور ٺاهينداسين. اهو هن جو عزم هو.

سندس شهادت کان پوءِ پاڪستان پيپلز پارٽي (PPP) عوام ۾ وڌيڪ مقبول ٿي. بينظير ڀٽو پنهنجي پيءُ جي مشن کي اڳتي وڌايو ۽ پاڻ به شهيد ٿي وئي.

4 اپريل پاڪستان جي تاريخ جو هڪ اهم ڏينهن آهي. هن ڏينهن تي شهيد ذوالفقار علي ڀٽو کي راولپنڊي جيل ۾ ڦاهي ڏني وئي هئي.

ڀٽو صاحب هڪ اهڙو اڳواڻ هو، جنهن عام ماڻهوءَ کي سياست ۾ شامل ڪيو. هن جو نعرو ”روٽي، ڪپڙو ۽ مڪان“ اڄ به عوام جي دلين تي لکيل آهي.

شهيد ذوالفقار علي ڀٽو جي قيادت ۾ پاڪستان 1973ع جو متفقه آئين حاصل ڪيو. اهو آئين اڄ به هن ملڪ جو بنيادي دستاويز آهي.
